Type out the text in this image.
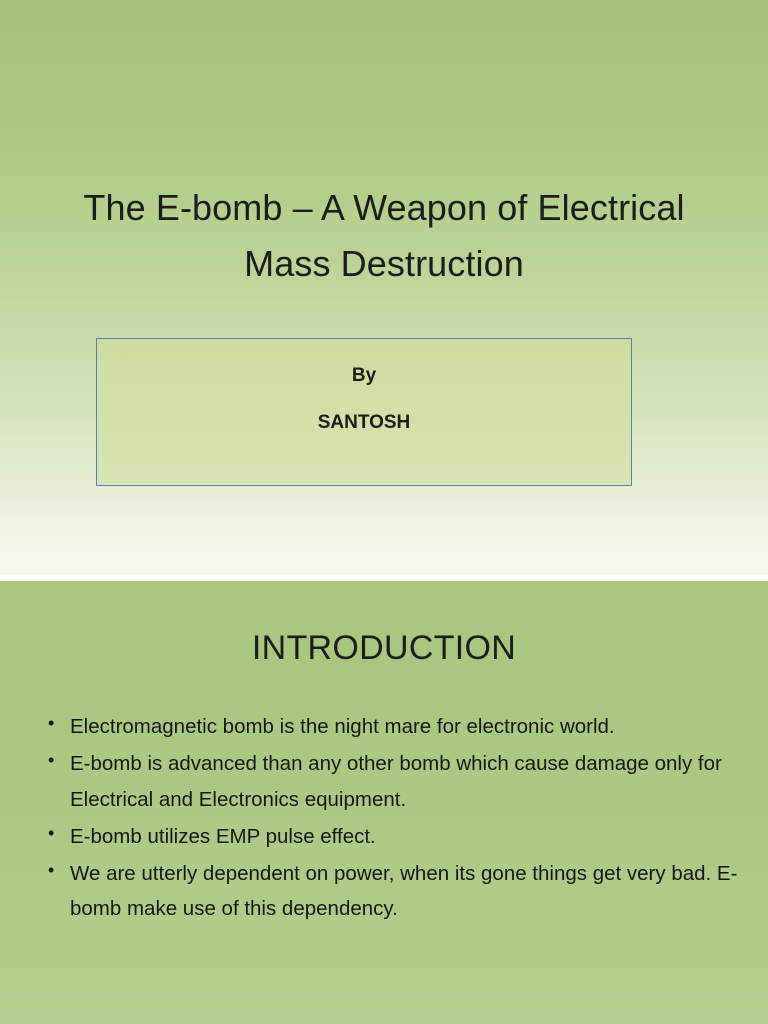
The E-bomb – A Weapon of Electrical Mass Destruction
By
SANTOSH
INTRODUCTION
• Electromagnetic bomb is the night mare for electronic world.
• E-bomb is advanced than any other bomb which cause damage only for Electrical and Electronics equipment.
• E-bomb utilizes EMP pulse effect.
• We are utterly dependent on power, when its gone things get very bad. E-bomb make use of this dependency.
